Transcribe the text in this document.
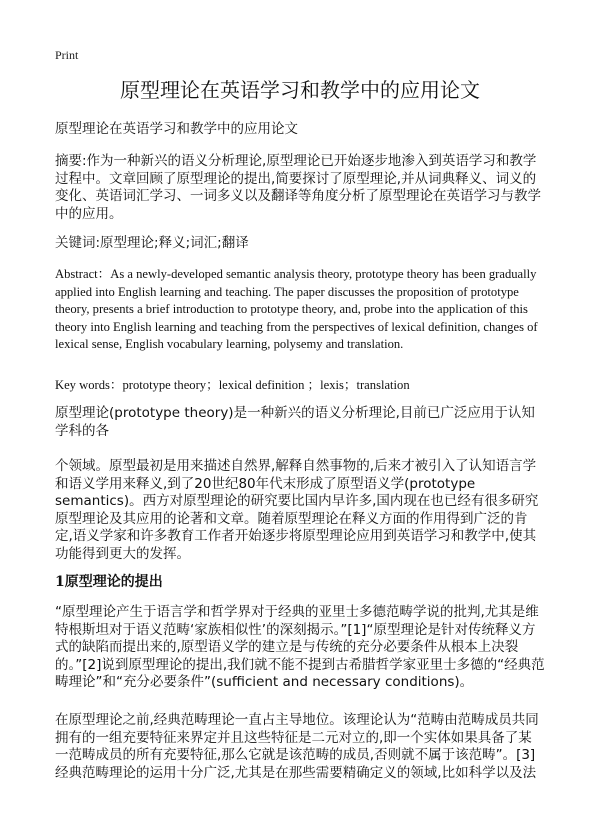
Print
原型理论在英语学习和教学中的应用论文
原型理论在英语学习和教学中的应用论文
摘要:作为一种新兴的语义分析理论,原型理论已开始逐步地渗入到英语学习和教学过程中。文章回顾了原型理论的提出,简要探讨了原型理论,并从词典释义、词义的变化、英语词汇学习、一词多义以及翻译等角度分析了原型理论在英语学习与教学中的应用。
关键词:原型理论;释义;词汇;翻译
Abstract：As a newly-developed semantic analysis theory, prototype theory has been gradually applied into English learning and teaching. The paper discusses the proposition of prototype theory, presents a brief introduction to prototype theory, and, probe into the application of this theory into English learning and teaching from the perspectives of lexical definition, changes of lexical sense, English vocabulary learning, polysemy and translation.
Key words：prototype theory；lexical definition ；lexis；translation
原型理论(prototype theory)是一种新兴的语义分析理论,目前已广泛应用于认知学科的各
个领域。原型最初是用来描述自然界,解释自然事物的,后来才被引入了认知语言学和语义学用来释义,到了20世纪80年代末形成了原型语义学(prototype semantics)。西方对原型理论的研究要比国内早许多,国内现在也已经有很多研究原型理论及其应用的论著和文章。随着原型理论在释义方面的作用得到广泛的肯定,语义学家和许多教育工作者开始逐步将原型理论应用到英语学习和教学中,使其功能得到更大的发挥。
1原型理论的提出
“原型理论产生于语言学和哲学界对于经典的亚里士多德范畴学说的批判,尤其是维特根斯坦对于语义范畴‘家族相似性’的深刻揭示。”[1]“原型理论是针对传统释义方式的缺陷而提出来的,原型语义学的建立是与传统的充分必要条件从根本上决裂的。”[2]说到原型理论的提出,我们就不能不提到古希腊哲学家亚里士多德的“经典范畴理论”和“充分必要条件”(sufficient and necessary conditions)。
在原型理论之前,经典范畴理论一直占主导地位。该理论认为“范畴由范畴成员共同拥有的一组充要特征来界定并且这些特征是二元对立的,即一个实体如果具备了某一范畴成员的所有充要特征,那么它就是该范畴的成员,否则就不属于该范畴”。[3]经典范畴理论的运用十分广泛,尤其是在那些需要精确定义的领域,比如科学以及法
